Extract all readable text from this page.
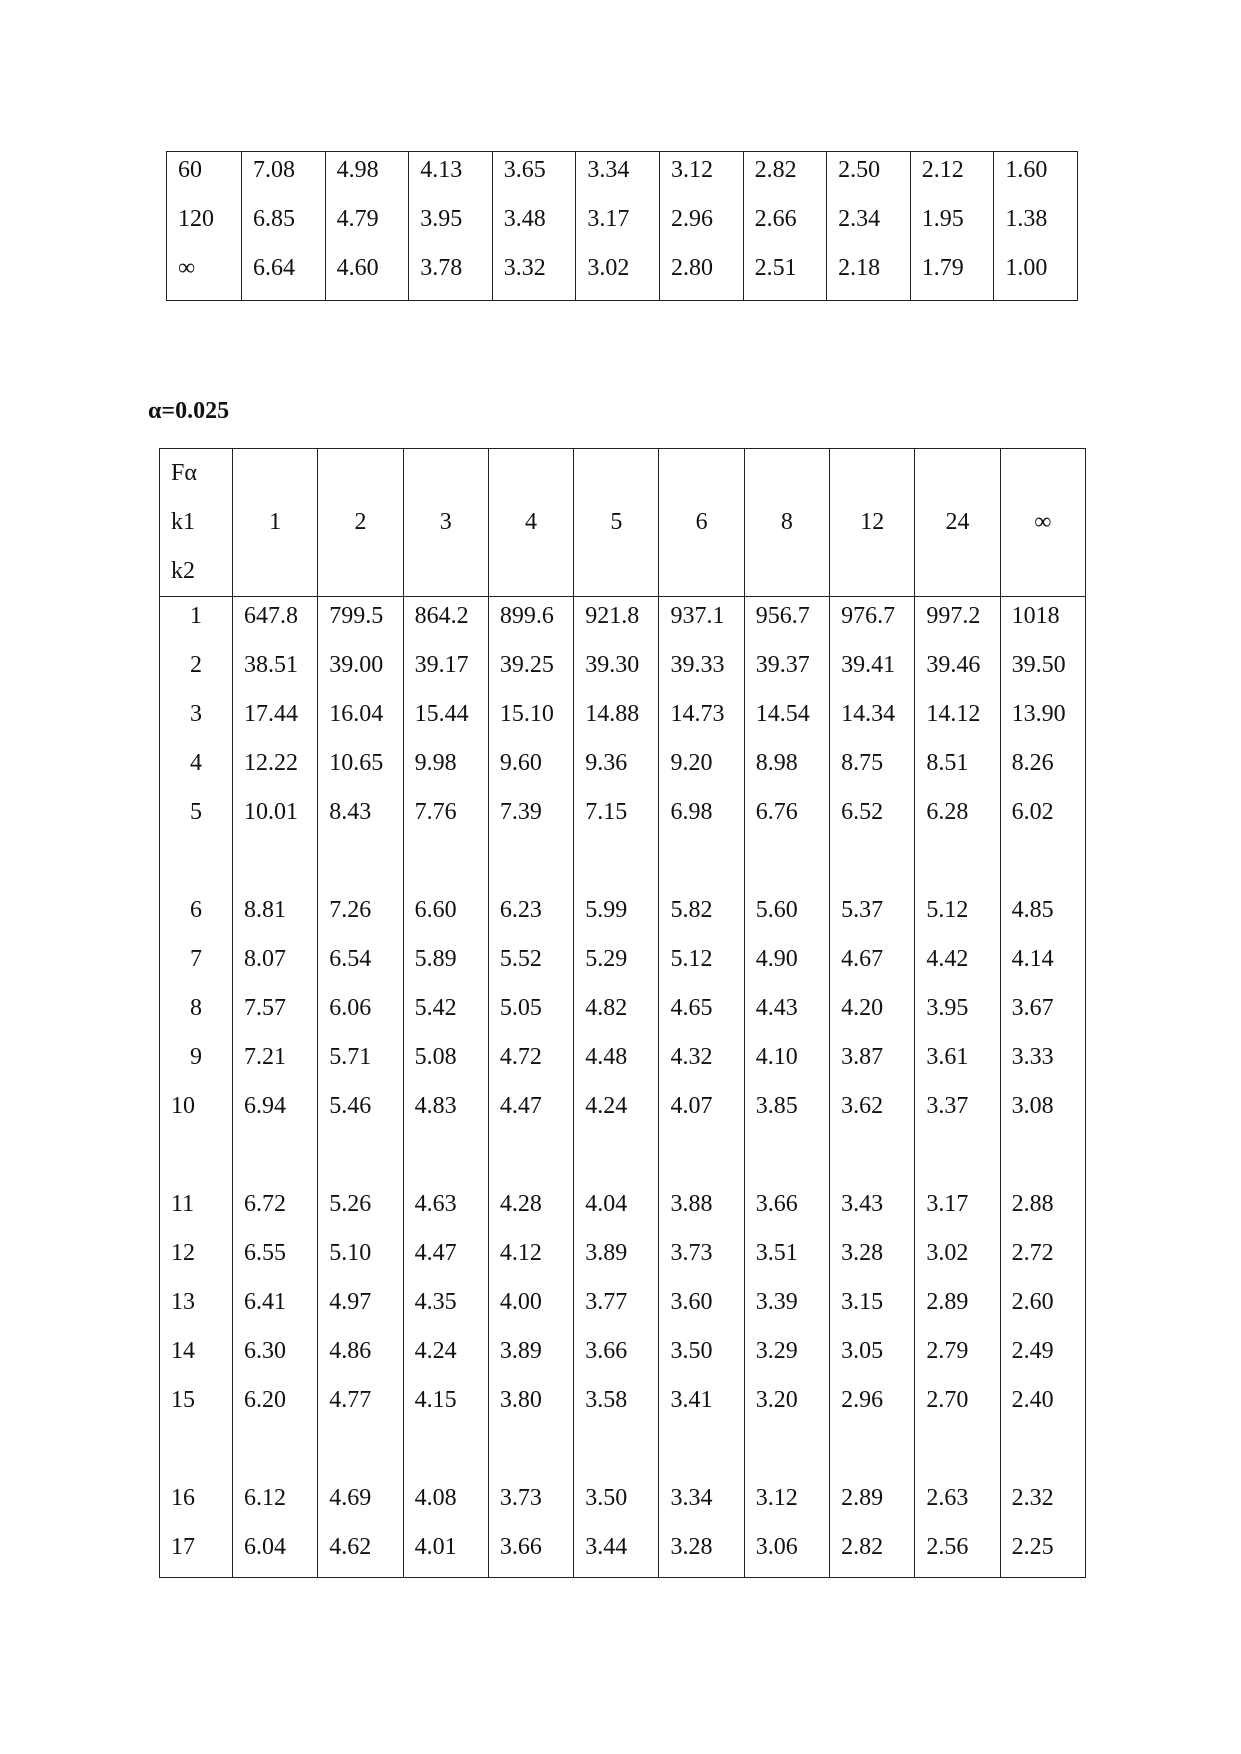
60	7.08	4.98	4.13	3.65	3.34	3.12	2.82	2.50	2.12	1.60
120	6.85	4.79	3.95	3.48	3.17	2.96	2.66	2.34	1.95	1.38
∞	6.64	4.60	3.78	3.32	3.02	2.80	2.51	2.18	1.79	1.00
α=0.025
Fα
k1
k2	1	2	3	4	5	6	8	12	24	∞
1	647.8	799.5	864.2	899.6	921.8	937.1	956.7	976.7	997.2	1018
2	38.51	39.00	39.17	39.25	39.30	39.33	39.37	39.41	39.46	39.50
3	17.44	16.04	15.44	15.10	14.88	14.73	14.54	14.34	14.12	13.90
4	12.22	10.65	9.98	9.60	9.36	9.20	8.98	8.75	8.51	8.26
5	10.01	8.43	7.76	7.39	7.15	6.98	6.76	6.52	6.28	6.02

6	8.81	7.26	6.60	6.23	5.99	5.82	5.60	5.37	5.12	4.85
7	8.07	6.54	5.89	5.52	5.29	5.12	4.90	4.67	4.42	4.14
8	7.57	6.06	5.42	5.05	4.82	4.65	4.43	4.20	3.95	3.67
9	7.21	5.71	5.08	4.72	4.48	4.32	4.10	3.87	3.61	3.33
10	6.94	5.46	4.83	4.47	4.24	4.07	3.85	3.62	3.37	3.08

11	6.72	5.26	4.63	4.28	4.04	3.88	3.66	3.43	3.17	2.88
12	6.55	5.10	4.47	4.12	3.89	3.73	3.51	3.28	3.02	2.72
13	6.41	4.97	4.35	4.00	3.77	3.60	3.39	3.15	2.89	2.60
14	6.30	4.86	4.24	3.89	3.66	3.50	3.29	3.05	2.79	2.49
15	6.20	4.77	4.15	3.80	3.58	3.41	3.20	2.96	2.70	2.40

16	6.12	4.69	4.08	3.73	3.50	3.34	3.12	2.89	2.63	2.32
17	6.04	4.62	4.01	3.66	3.44	3.28	3.06	2.82	2.56	2.25
